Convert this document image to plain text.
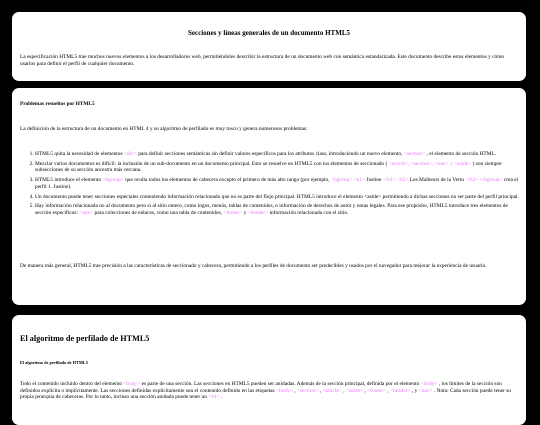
Secciones y líneas generales de un documento HTML5
La especificación HTML5 trae muchos nuevos elementos a los desarrolladores web, permitiéndoles describir la estructura de un documento web con semántica estandarizada. Este documento describe estos elementos y cómo usarlos para definir el perfil de cualquier documento.
Problemas resueltos por HTML5
La definición de la estructura de un documento en HTML 4 y su algoritmo de perfilado es muy tosco y genera numerosos problemas:
1. HTML5 quita la necesidad de elementos <div> para definir secciones semánticas sin definir valores específicos para los atributos class, introduciendo un nuevo elemento, <section> , el elemento de sección HTML.
2. Mezclar varios documentos es difícil: la inclusión de un sub-documento en un documento principal. Esto se resuelve en HTML5 con los elementos de seccionado ( <article>, <section>, <nav> y <aside> ) son siempre subsecciones de su sección ancestra más cercana.
3. HTML5 introduce el elemento <hgroup> que oculta todos los elementos de cabecera excepto el primero de más alto rango (por ejemplo, <hgroup> <h1> Justine </h1> <h2> Les Malheurs de la Vertu </h2> </hgroup> crea el perfil 1. Justine).
4. Un documento puede tener secciones especiales conteniendo información relacionado que no es parte del flujo principal. HTML5 introduce el elemento <aside> permitiendo a dichas secciones no ser parte del perfil principal.
5. Hay información relacionada no al documento pero si al sitio entero, como logos, menús, tablas de contenidos, o información de derechos de autor y notas legales. Para ese propósito, HTML5 introduce tres elementos de sección específicos: <nav> para colecciones de enlaces, como una tabla de contenidos, <footer> y <header> información relacionada con el sitio.
De manera más general, HTML5 trae precisión a las características de seccionado y cabecera, permitiendo a los perfiles de documento ser predecibles y usados por el navegador para mejorar la experiencia de usuario.
El algoritmo de perfilado de HTML5
El algoritmo de perfilado de HTML5
Todo el contenido incluido dentro del elemento <body> es parte de una sección. Las secciones en HTML5 pueden ser anidadas. Además de la sección principal, definida por el elemento <body> , los límites de la sección son definidos explícita o implícitamente. Las secciones definidas explícitamente son el contenido definido en las etiquetas <body> , <section> , <article> , <aside> , <footer> , <header> , y <nav> . Nota: Cada sección puede tener su propia jerarquía de cabeceras. Por lo tanto, incluso una sección anidada puede tener un <h1> .
